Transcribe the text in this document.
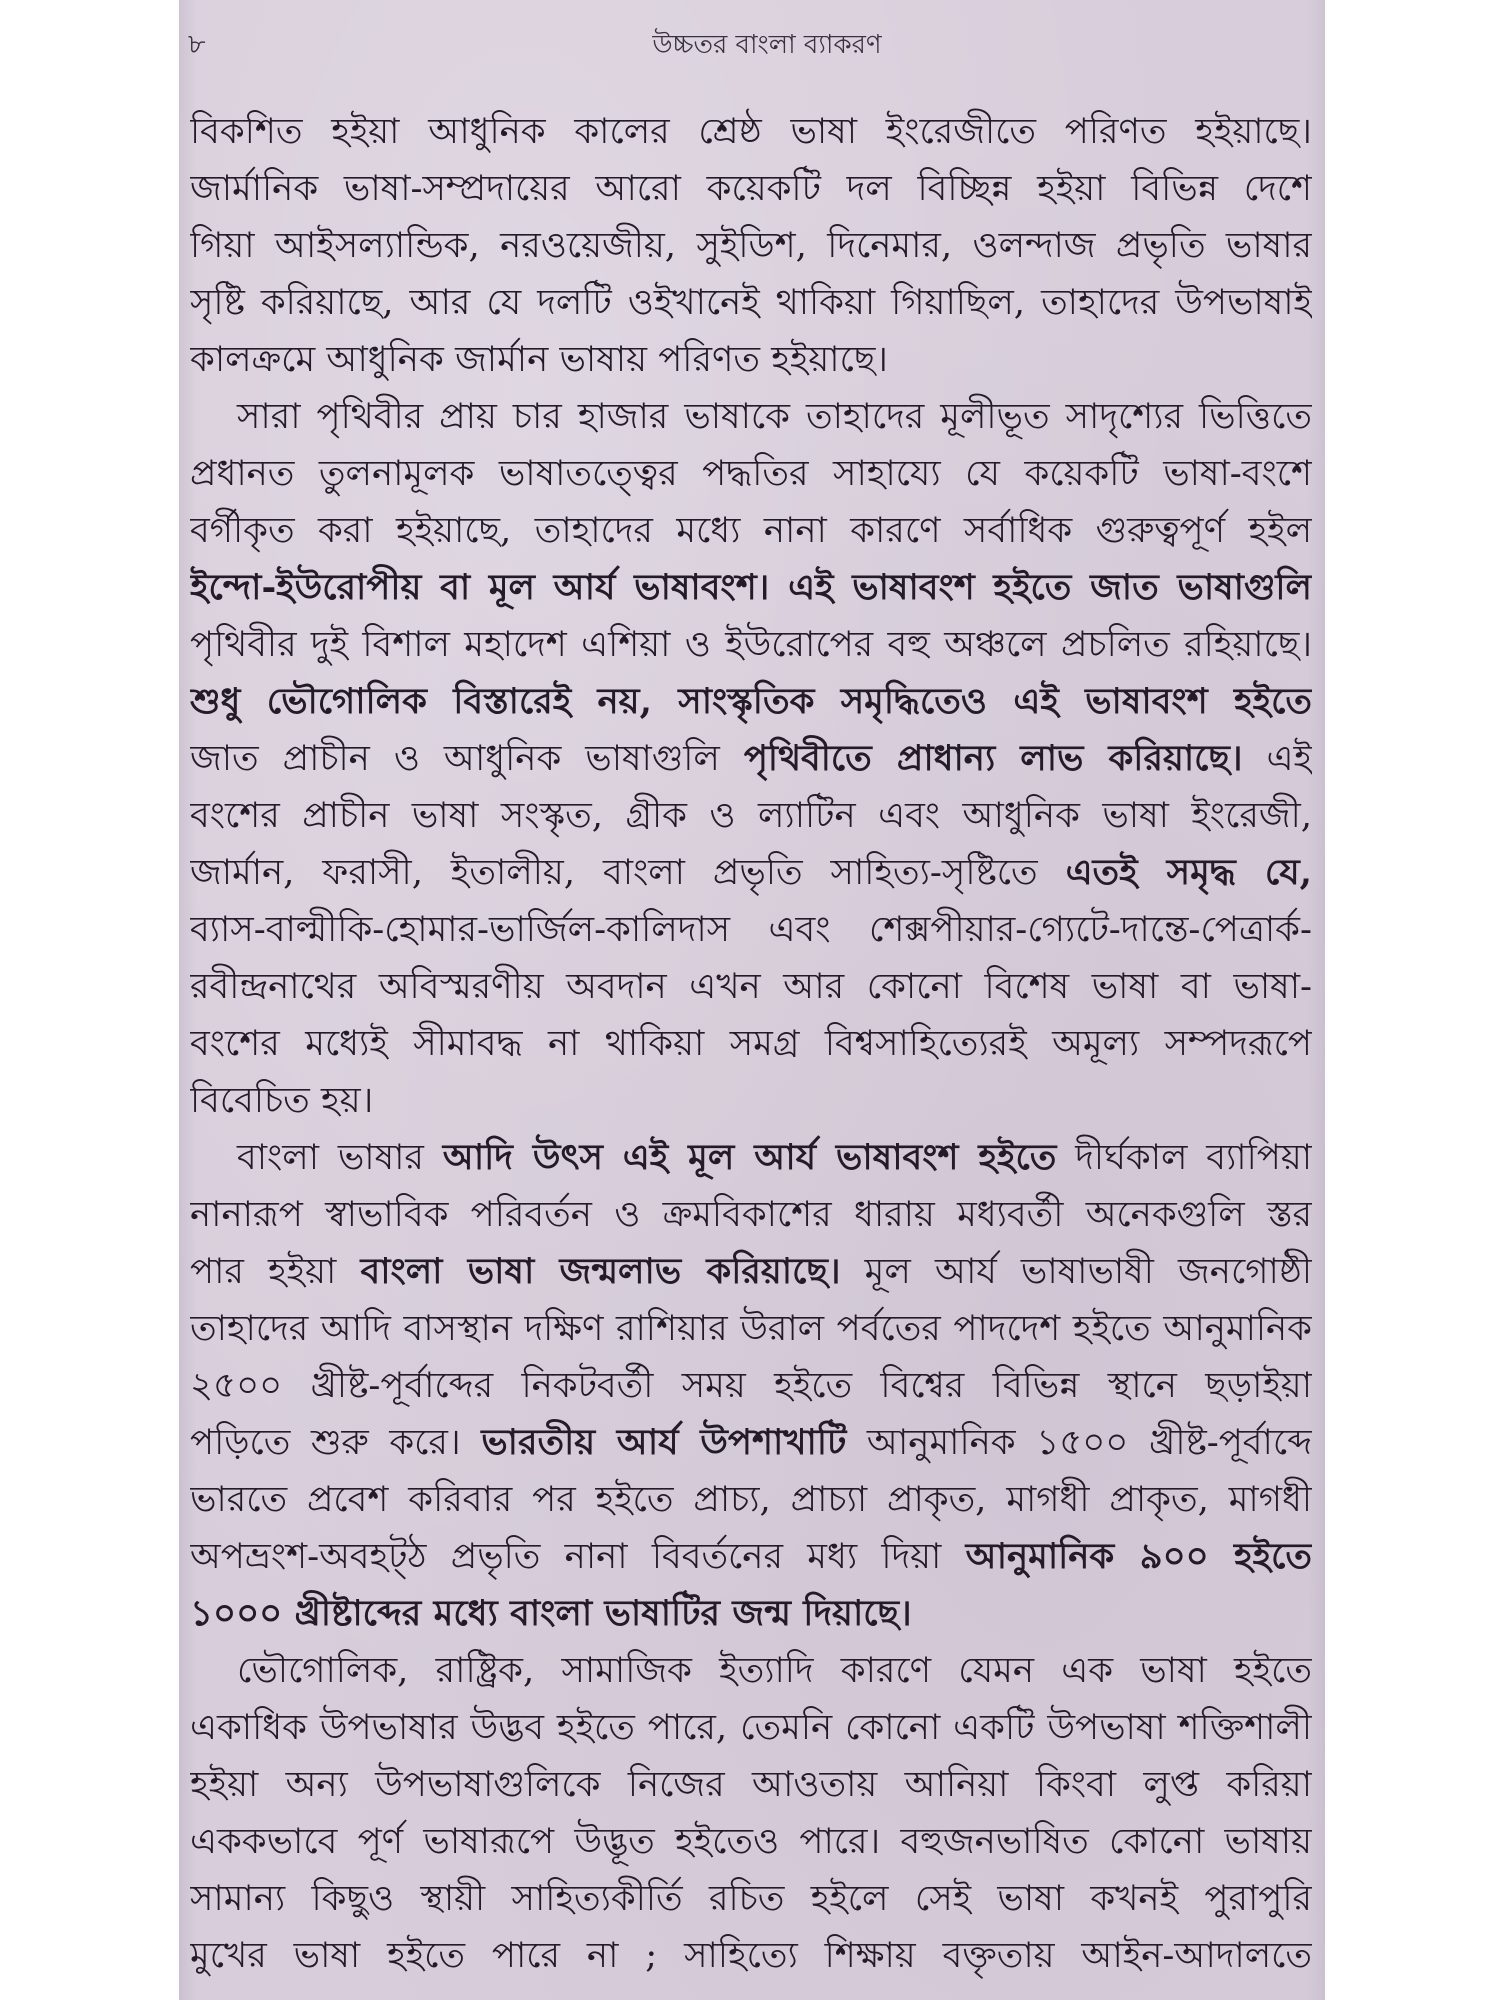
৮	উচ্চতর বাংলা ব্যাকরণ
বিকশিত হইয়া আধুনিক কালের শ্রেষ্ঠ ভাষা ইংরেজীতে পরিণত হইয়াছে।
জার্মানিক ভাষা-সম্প্রদায়ের আরো কয়েকটি দল বিচ্ছিন্ন হইয়া বিভিন্ন দেশে
গিয়া আইসল্যান্ডিক, নরওয়েজীয়, সুইডিশ, দিনেমার, ওলন্দাজ প্রভৃতি ভাষার
সৃষ্টি করিয়াছে, আর যে দলটি ওইখানেই থাকিয়া গিয়াছিল, তাহাদের উপভাষাই
কালক্রমে আধুনিক জার্মান ভাষায় পরিণত হইয়াছে।
সারা পৃথিবীর প্রায় চার হাজার ভাষাকে তাহাদের মূলীভূত সাদৃশ্যের ভিত্তিতে
প্রধানত তুলনামূলক ভাষাতত্ত্বের পদ্ধতির সাহায্যে যে কয়েকটি ভাষা-বংশে
বর্গীকৃত করা হইয়াছে, তাহাদের মধ্যে নানা কারণে সর্বাধিক গুরুত্বপূর্ণ হইল
ইন্দো-ইউরোপীয় বা মূল আর্য ভাষাবংশ। এই ভাষাবংশ হইতে জাত ভাষাগুলি
পৃথিবীর দুই বিশাল মহাদেশ এশিয়া ও ইউরোপের বহু অঞ্চলে প্রচলিত রহিয়াছে।
শুধু ভৌগোলিক বিস্তারেই নয়, সাংস্কৃতিক সমৃদ্ধিতেও এই ভাষাবংশ হইতে
জাত প্রাচীন ও আধুনিক ভাষাগুলি পৃথিবীতে প্রাধান্য লাভ করিয়াছে। এই
বংশের প্রাচীন ভাষা সংস্কৃত, গ্রীক ও ল্যাটিন এবং আধুনিক ভাষা ইংরেজী,
জার্মান, ফরাসী, ইতালীয়, বাংলা প্রভৃতি সাহিত্য-সৃষ্টিতে এতই সমৃদ্ধ যে,
ব্যাস-বাল্মীকি-হোমার-ভার্জিল-কালিদাস এবং শেক্সপীয়ার-গ্যেটে-দান্তে-পেত্রার্ক-
রবীন্দ্রনাথের অবিস্মরণীয় অবদান এখন আর কোনো বিশেষ ভাষা বা ভাষা-
বংশের মধ্যেই সীমাবদ্ধ না থাকিয়া সমগ্র বিশ্বসাহিত্যেরই অমূল্য সম্পদরূপে
বিবেচিত হয়।
বাংলা ভাষার আদি উৎস এই মূল আর্য ভাষাবংশ হইতে দীর্ঘকাল ব্যাপিয়া
নানারূপ স্বাভাবিক পরিবর্তন ও ক্রমবিকাশের ধারায় মধ্যবর্তী অনেকগুলি স্তর
পার হইয়া বাংলা ভাষা জন্মলাভ করিয়াছে। মূল আর্য ভাষাভাষী জনগোষ্ঠী
তাহাদের আদি বাসস্থান দক্ষিণ রাশিয়ার উরাল পর্বতের পাদদেশ হইতে আনুমানিক
২৫০০ খ্রীষ্ট-পূর্বাব্দের নিকটবর্তী সময় হইতে বিশ্বের বিভিন্ন স্থানে ছড়াইয়া
পড়িতে শুরু করে। ভারতীয় আর্য উপশাখাটি আনুমানিক ১৫০০ খ্রীষ্ট-পূর্বাব্দে
ভারতে প্রবেশ করিবার পর হইতে প্রাচ্য, প্রাচ্যা প্রাকৃত, মাগধী প্রাকৃত, মাগধী
অপভ্রংশ-অবহট্‌ঠ প্রভৃতি নানা বিবর্তনের মধ্য দিয়া আনুমানিক ৯০০ হইতে
১০০০ খ্রীষ্টাব্দের মধ্যে বাংলা ভাষাটির জন্ম দিয়াছে।
ভৌগোলিক, রাষ্ট্রিক, সামাজিক ইত্যাদি কারণে যেমন এক ভাষা হইতে
একাধিক উপভাষার উদ্ভব হইতে পারে, তেমনি কোনো একটি উপভাষা শক্তিশালী
হইয়া অন্য উপভাষাগুলিকে নিজের আওতায় আনিয়া কিংবা লুপ্ত করিয়া
এককভাবে পূর্ণ ভাষারূপে উদ্ভূত হইতেও পারে। বহুজনভাষিত কোনো ভাষায়
সামান্য কিছুও স্থায়ী সাহিত্যকীর্তি রচিত হইলে সেই ভাষা কখনই পুরাপুরি
মুখের ভাষা হইতে পারে না ; সাহিত্যে শিক্ষায় বক্তৃতায় আইন-আদালতে
